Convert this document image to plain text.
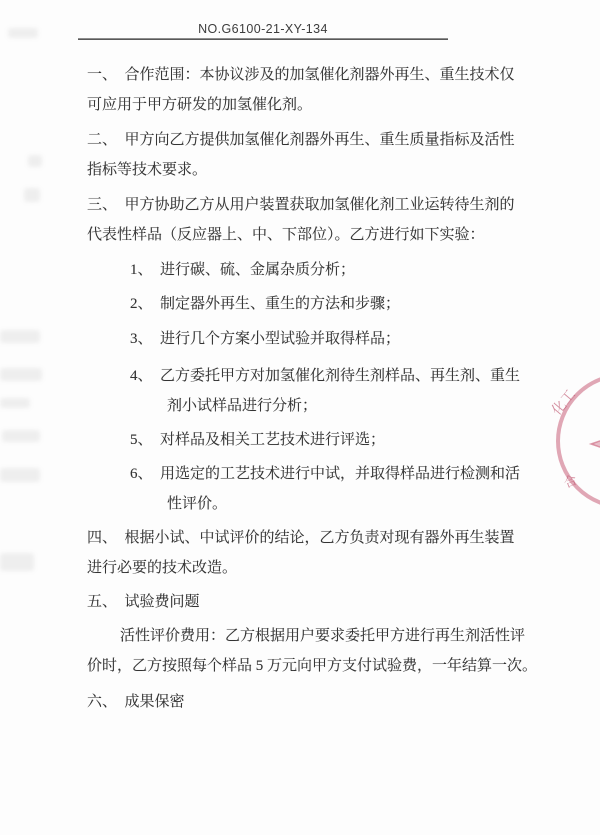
NO.G6100-21-XY-134
一、　合作范围：本协议涉及的加氢催化剂器外再生、重生技术仅
可应用于甲方研发的加氢催化剂。
二、　甲方向乙方提供加氢催化剂器外再生、重生质量指标及活性
指标等技术要求。
三、　甲方协助乙方从用户装置获取加氢催化剂工业运转待生剂的
代表性样品（反应器上、中、下部位）。乙方进行如下实验：
1、　进行碳、硫、金属杂质分析；
2、　制定器外再生、重生的方法和步骤；
3、　进行几个方案小型试验并取得样品；
4、　乙方委托甲方对加氢催化剂待生剂样品、再生剂、重生
剂小试样品进行分析；
5、　对样品及相关工艺技术进行评选；
6、　用选定的工艺技术进行中试，并取得样品进行检测和活
性评价。
四、　根据小试、中试评价的结论，乙方负责对现有器外再生装置
进行必要的技术改造。
五、　试验费问题
活性评价费用：乙方根据用户要求委托甲方进行再生剂活性评
价时，乙方按照每个样品 5 万元向甲方支付试验费，一年结算一次。
六、　成果保密
化工
合
